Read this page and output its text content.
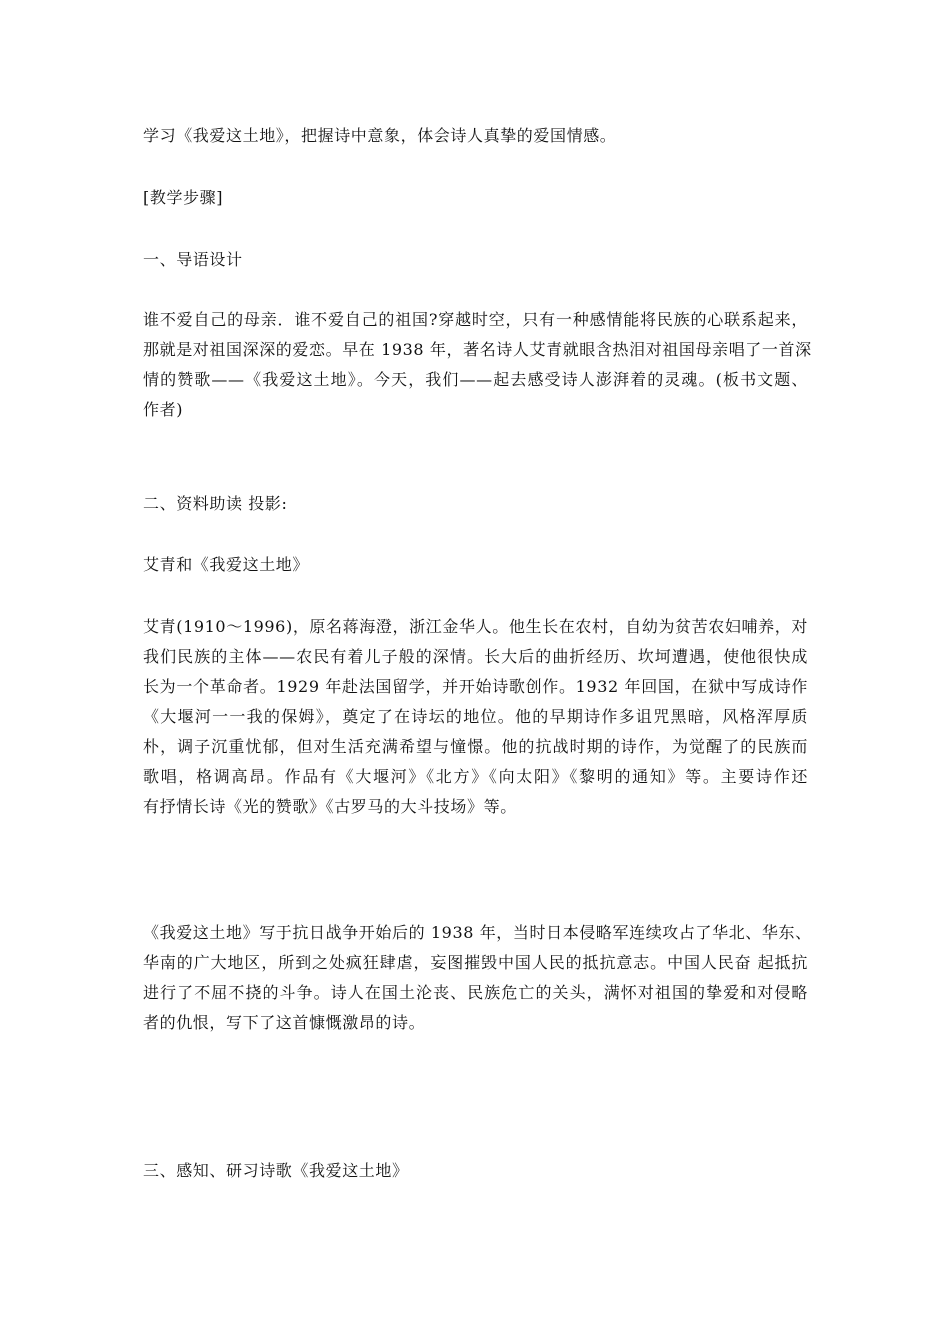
学习《我爱这土地》，把握诗中意象，体会诗人真挚的爱国情感。

[教学步骤]

一、导语设计

谁不爱自己的母亲．谁不爱自己的祖国?穿越时空，只有一种感情能将民族的心联系起来，
那就是对祖国深深的爱恋。早在 1938 年，著名诗人艾青就眼含热泪对祖国母亲唱了一首深
情的赞歌——《我爱这土地》。今天，我们——起去感受诗人澎湃着的灵魂。(板书文题、
作者)

二、资料助读 投影:

艾青和《我爱这土地》

艾青(1910～1996)，原名蒋海澄，浙江金华人。他生长在农村，自幼为贫苦农妇哺养，对
我们民族的主体——农民有着儿子般的深情。长大后的曲折经历、坎坷遭遇，使他很快成
长为一个革命者。1929 年赴法国留学，并开始诗歌创作。1932 年回国，在狱中写成诗作
《大堰河一一我的保姆》，奠定了在诗坛的地位。他的早期诗作多诅咒黑暗，风格浑厚质
朴，调子沉重忧郁，但对生活充满希望与憧憬。他的抗战时期的诗作，为觉醒了的民族而
歌唱，格调高昂。作品有《大堰河》《北方》《向太阳》《黎明的通知》等。主要诗作还
有抒情长诗《光的赞歌》《古罗马的大斗技场》等。
《我爱这土地》写于抗日战争开始后的 1938 年，当时日本侵略军连续攻占了华北、华东、
华南的广大地区，所到之处疯狂肆虐，妄图摧毁中国人民的抵抗意志。中国人民奋 起抵抗
进行了不屈不挠的斗争。诗人在国土沦丧、民族危亡的关头，满怀对祖国的挚爱和对侵略
者的仇恨，写下了这首慷慨激昂的诗。

三、感知、研习诗歌《我爱这土地》
